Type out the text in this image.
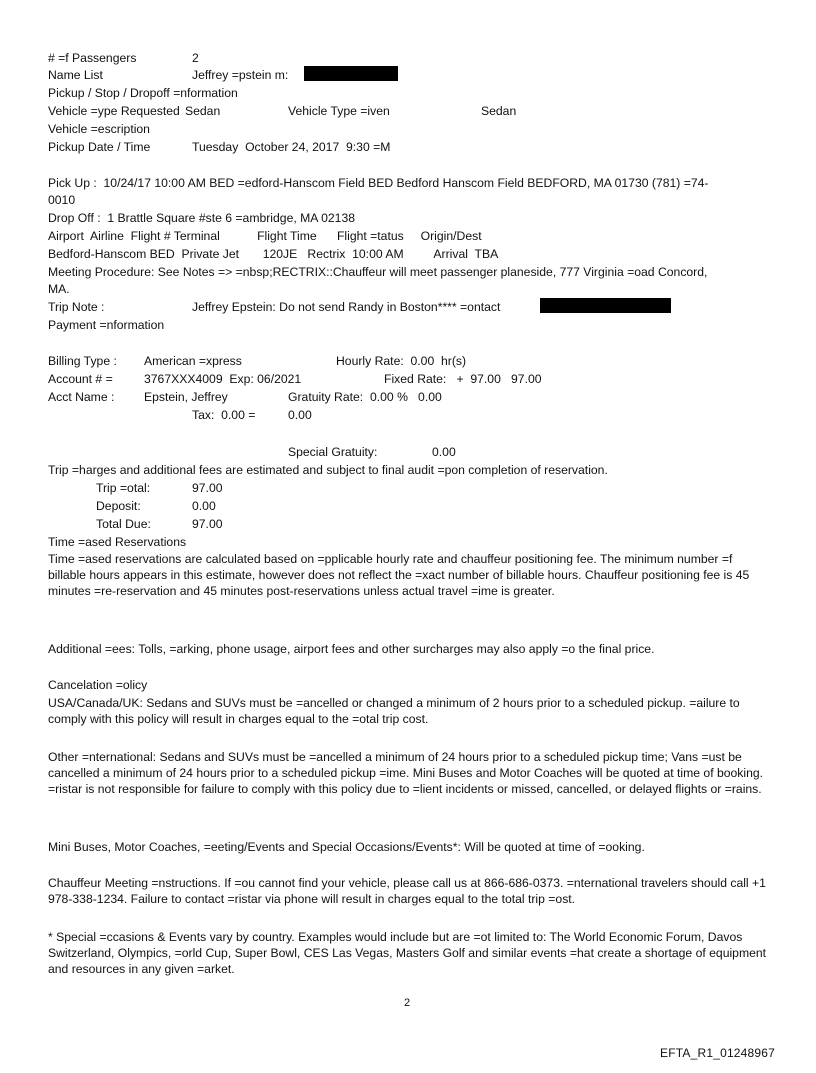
# =f Passengers	2
Name List	Jeffrey =pstein m:
Pickup / Stop / Dropoff =nformation
Vehicle =ype Requested Sedan	Vehicle Type =iven	Sedan
Vehicle =escription
Pickup Date / Time	Tuesday  October 24, 2017  9:30 =M
Pick Up :  10/24/17 10:00 AM BED =edford-Hanscom Field BED Bedford Hanscom Field BEDFORD, MA 01730 (781) =74-
0010
Drop Off :  1 Brattle Square #ste 6 =ambridge, MA 02138
Airport  Airline  Flight # Terminal           Flight Time      Flight =tatus     Origin/Dest
Bedford-Hanscom BED  Private Jet       120JE   Rectrix  10:00 AM         Arrival  TBA
Meeting Procedure: See Notes => =nbsp;RECTRIX::Chauffeur will meet passenger planeside, 777 Virginia =oad Concord,
MA.
Trip Note :	Jeffrey Epstein: Do not send Randy in Boston**** =ontact
Payment =nformation
Billing Type : American =xpress	Hourly Rate:  0.00  hr(s)
Account # =	3767XXX4009  Exp: 06/2021	Fixed Rate:   +  97.00   97.00
Acct Name : Epstein, Jeffrey	Gratuity Rate:  0.00 %   0.00
Tax:  0.00 =	0.00
Special Gratuity:	0.00
Trip =harges and additional fees are estimated and subject to final audit =pon completion of reservation.
Trip =otal:	97.00
Deposit:	0.00
Total Due:	97.00
Time =ased Reservations
Time =ased reservations are calculated based on =pplicable hourly rate and chauffeur positioning fee. The minimum number =f billable hours appears in this estimate, however does not reflect the =xact number of billable hours. Chauffeur positioning fee is 45 minutes =re-reservation and 45 minutes post-reservations unless actual travel =ime is greater.
Additional =ees: Tolls, =arking, phone usage, airport fees and other surcharges may also apply =o the final price.
Cancelation =olicy
USA/Canada/UK: Sedans and SUVs must be =ancelled or changed a minimum of 2 hours prior to a scheduled pickup. =ailure to comply with this policy will result in charges equal to the =otal trip cost.
Other =nternational: Sedans and SUVs must be =ancelled a minimum of 24 hours prior to a scheduled pickup time; Vans =ust be cancelled a minimum of 24 hours prior to a scheduled pickup =ime. Mini Buses and Motor Coaches will be quoted at time of booking. =ristar is not responsible for failure to comply with this policy due to =lient incidents or missed, cancelled, or delayed flights or =rains.
Mini Buses, Motor Coaches, =eeting/Events and Special Occasions/Events*: Will be quoted at time of =ooking.
Chauffeur Meeting =nstructions. If =ou cannot find your vehicle, please call us at 866-686-0373. =nternational travelers should call +1 978-338-1234. Failure to contact =ristar via phone will result in charges equal to the total trip =ost.
* Special =ccasions & Events vary by country. Examples would include but are =ot limited to: The World Economic Forum, Davos Switzerland, Olympics, =orld Cup, Super Bowl, CES Las Vegas, Masters Golf and similar events =hat create a shortage of equipment and resources in any given =arket.
2
EFTA_R1_01248967
